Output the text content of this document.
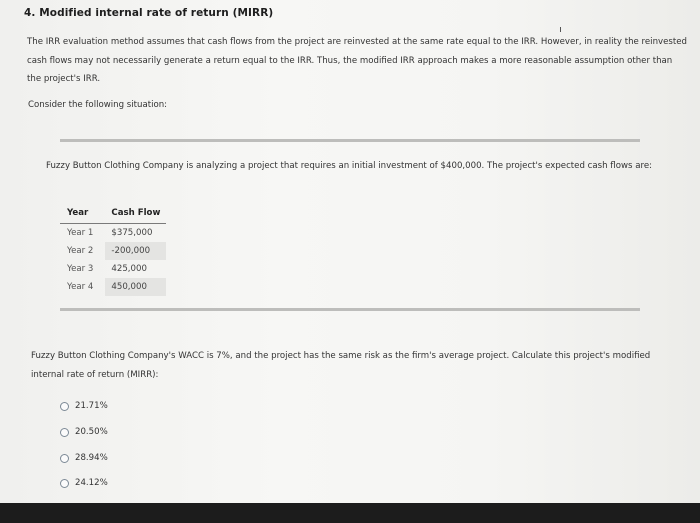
4. Modified internal rate of return (MIRR)
The IRR evaluation method assumes that cash flows from the project are reinvested at the same rate equal to the IRR. However, in reality the reinvested cash flows may not necessarily generate a return equal to the IRR. Thus, the modified IRR approach makes a more reasonable assumption other than the project's IRR.
Consider the following situation:
Fuzzy Button Clothing Company is analyzing a project that requires an initial investment of $400,000. The project's expected cash flows are:
Year	Cash Flow
Year 1	$375,000
Year 2	-200,000
Year 3	425,000
Year 4	450,000
Fuzzy Button Clothing Company's WACC is 7%, and the project has the same risk as the firm's average project. Calculate this project's modified internal rate of return (MIRR):
21.71%
20.50%
28.94%
24.12%
